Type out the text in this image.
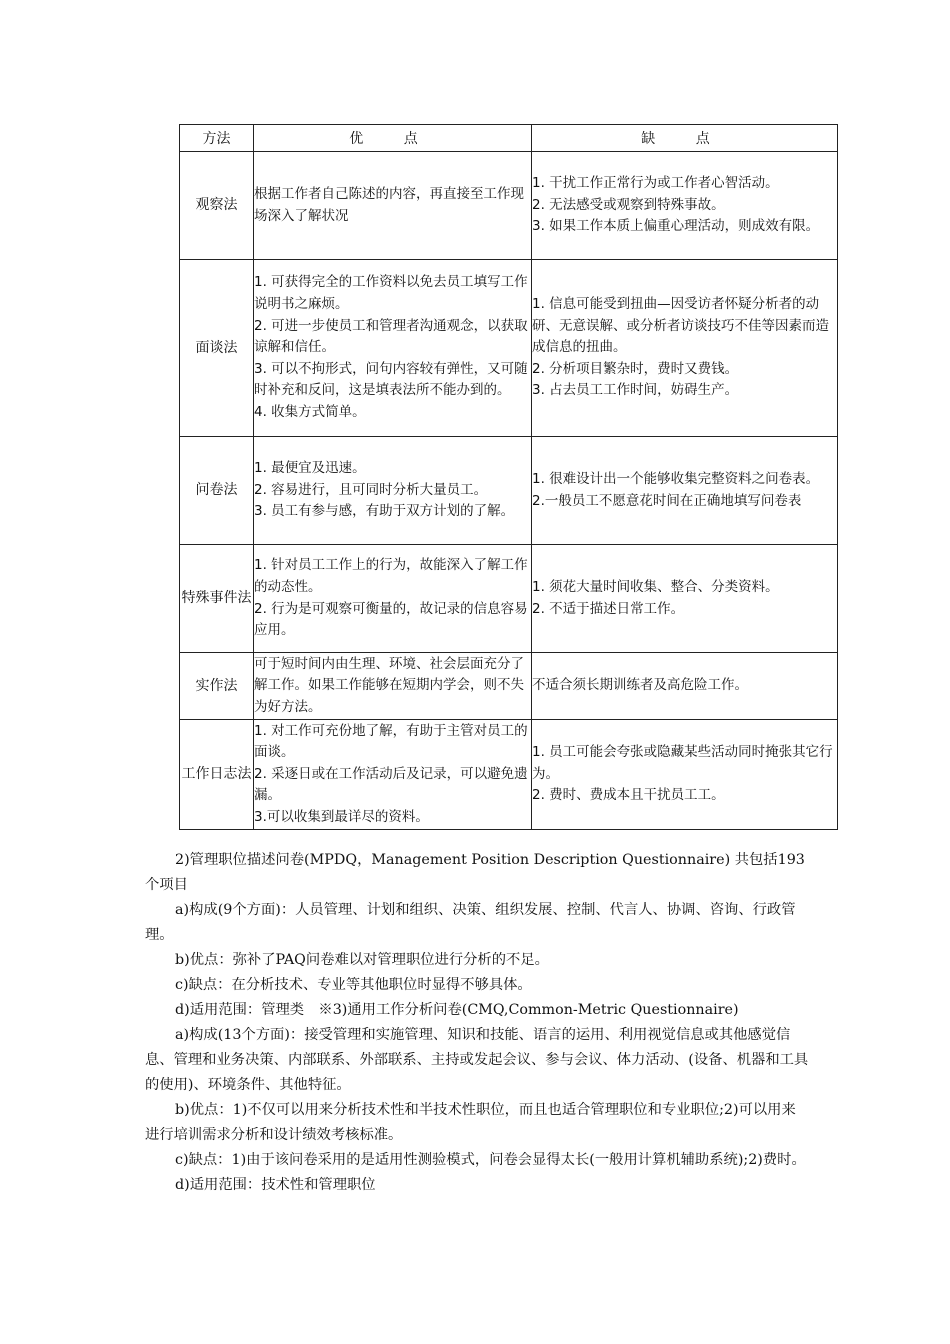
方法	优 点	缺 点
观察法	根据工作者自己陈述的内容，再直接至工作现场深入了解状况	1. 干扰工作正常行为或工作者心智活动。
2. 无法感受或观察到特殊事故。
3. 如果工作本质上偏重心理活动，则成效有限。

面谈法	1. 可获得完全的工作资料以免去员工填写工作说明书之麻烦。
2. 可进一步使员工和管理者沟通观念，以获取谅解和信任。
3. 可以不拘形式，问句内容较有弹性，又可随时补充和反问，这是填表法所不能办到的。
4. 收集方式简单。	1. 信息可能受到扭曲—因受访者怀疑分析者的动研、无意误解、或分析者访谈技巧不佳等因素而造成信息的扭曲。
2. 分析项目繁杂时，费时又费钱。
3. 占去员工工作时间，妨碍生产。

问卷法	1. 最便宜及迅速。
2. 容易进行，且可同时分析大量员工。
3. 员工有参与感，有助于双方计划的了解。	1. 很难设计出一个能够收集完整资料之问卷表。
2.一般员工不愿意花时间在正确地填写问卷表

特殊事件法	1. 针对员工工作上的行为，故能深入了解工作的动态性。
2. 行为是可观察可衡量的，故记录的信息容易应用。	1. 须花大量时间收集、整合、分类资料。
2. 不适于描述日常工作。

实作法	可于短时间内由生理、环境、社会层面充分了解工作。如果工作能够在短期内学会，则不失为好方法。	不适合须长期训练者及高危险工作。

工作日志法	1. 对工作可充份地了解，有助于主管对员工的面谈。
2. 采逐日或在工作活动后及记录，可以避免遗漏。
3.可以收集到最详尽的资料。	1. 员工可能会夸张或隐藏某些活动同时掩张其它行为。
2. 费时、费成本且干扰员工工。

2)管理职位描述问卷(MPDQ，Management Position Description Questionnaire) 共包括193个项目

a)构成(9个方面)：人员管理、计划和组织、决策、组织发展、控制、代言人、协调、咨询、行政管理。

b)优点：弥补了PAQ问卷难以对管理职位进行分析的不足。

c)缺点：在分析技术、专业等其他职位时显得不够具体。

d)适用范围：管理类　※3)通用工作分析问卷(CMQ,Common-Metric Questionnaire)

a)构成(13个方面)：接受管理和实施管理、知识和技能、语言的运用、利用视觉信息或其他感觉信息、管理和业务决策、内部联系、外部联系、主持或发起会议、参与会议、体力活动、(设备、机器和工具的使用)、环境条件、其他特征。

b)优点：1)不仅可以用来分析技术性和半技术性职位，而且也适合管理职位和专业职位;2)可以用来进行培训需求分析和设计绩效考核标准。

c)缺点：1)由于该问卷采用的是适用性测验模式，问卷会显得太长(一般用计算机辅助系统);2)费时。

d)适用范围：技术性和管理职位
